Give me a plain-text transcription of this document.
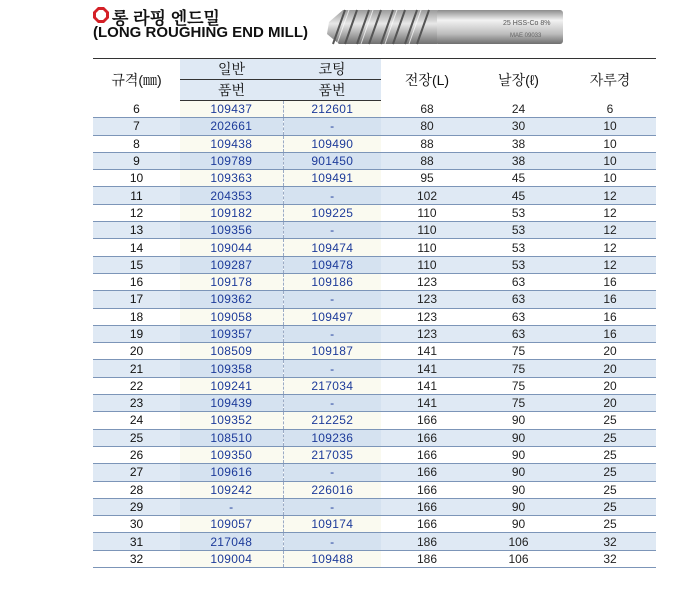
롱 라핑 엔드밀
(LONG ROUGHING END MILL)
25 HSS-Co 8%
MAE 09033
규격(㎜)	일반	코팅	전장(L)	날장(ℓ)	자루경
	품번	품번			
6	109437	212601	68	24	6
7	202661	-	80	30	10
8	109438	109490	88	38	10
9	109789	901450	88	38	10
10	109363	109491	95	45	10
11	204353	-	102	45	12
12	109182	109225	110	53	12
13	109356	-	110	53	12
14	109044	109474	110	53	12
15	109287	109478	110	53	12
16	109178	109186	123	63	16
17	109362	-	123	63	16
18	109058	109497	123	63	16
19	109357	-	123	63	16
20	108509	109187	141	75	20
21	109358	-	141	75	20
22	109241	217034	141	75	20
23	109439	-	141	75	20
24	109352	212252	166	90	25
25	108510	109236	166	90	25
26	109350	217035	166	90	25
27	109616	-	166	90	25
28	109242	226016	166	90	25
29	-	-	166	90	25
30	109057	109174	166	90	25
31	217048	-	186	106	32
32	109004	109488	186	106	32
